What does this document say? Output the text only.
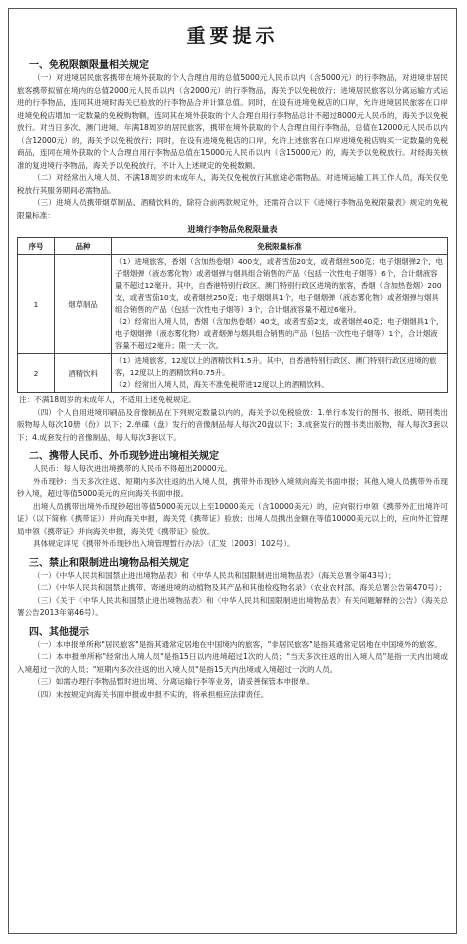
重要提示
一、免税限额限量相关规定

（一）对进境居民旅客携带在境外获取的个人合理自用的总值5000元人民币以内（含5000元）的行李物品，对进境非居民旅客携带拟留在境内的总值2000元人民币以内（含2000元）的行李物品，海关予以免税放行；进境居民旅客以分离运输方式运进的行李物品，连同其进境时海关已验放的行李物品合并计算总值。同时，在设有进境免税店的口岸，允许进境居民旅客在口岸进境免税店增加一定数量的免税购物额，连同其在境外获取的个人合理自用行李物品总计不超过8000元人民币的，海关予以免税放行。对当日多次、澳门进境、年满18周岁的居民旅客，携带在境外获取的个人合理自用行李物品，总值在12000元人民币以内（含12000元）的，海关予以免税放行；同时，在设有进境免税店的口岸，允许上述旅客在口岸进境免税店购买一定数量的免税商品，连同在境外获取的个人合理自用行李物品总值在15000元人民币以内（含15000元）的，海关予以免税放行。对经海关核准的复进境行李物品，海关予以免税放行，不计入上述规定的免税数额。

（二）对经常出入境人员、不满18周岁的未成年人，海关仅免税放行其旅途必需物品。对进境运输工具工作人员，海关仅免税放行其服务期间必需物品。

（三）进境人员携带烟草制品、酒精饮料的，除符合前两款规定外，还需符合以下《进境行李物品免税限量表》规定的免税限量标准：

进境行李物品免税限量表
序号	品种	免税限量标准
1	烟草制品	（1）进境旅客，香烟（含加热卷烟）400支，或者雪茄20支，或者烟丝500克；电子烟烟弹2个，电子烟烟弹（液态雾化物）或者烟弹与烟具组合销售的产品（包括一次性电子烟等）6个，合计烟液容量不超过12毫升。其中，自香港特别行政区、澳门特别行政区进境的旅客，香烟（含加热卷烟）200支，或者雪茄10支，或者烟丝250克；电子烟烟具1个，电子烟烟弹（液态雾化物）或者烟弹与烟具组合销售的产品（包括一次性电子烟等）3个，合计烟液容量不超过6毫升。

（2）经常出入境人员，香烟（含加热卷烟）40支，或者雪茄2支，或者烟丝40克；电子烟烟具1个，电子烟烟弹（液态雾化物）或者烟弹与烟具组合销售的产品（包括一次性电子烟等）1个，合计烟液容量不超过2毫升；限一天一次。

2	酒精饮料	（1）进境旅客，12度以上的酒精饮料1.5升。其中，自香港特别行政区、澳门特别行政区进境的旅客，12度以上的酒精饮料0.75升。

（2）经常出入境人员，海关不准免税带进12度以上的酒精饮料。

注：不满18周岁的未成年人，不适用上述免税规定。

（四）个人自用进境印刷品及音像制品在下列规定数量以内的，海关予以免税验放：1.单行本发行的图书、报纸、期刊类出版物每人每次10册（份）以下；2.单碟（盘）发行的音像制品每人每次20盘以下；3.成套发行的图书类出版物，每人每次3套以下；4.成套发行的音像制品，每人每次3套以下。

二、携带人民币、外币现钞进出境相关规定

人民币：每人每次进出境携带的人民币不得超出20000元。

外币现钞：当天多次往返、短期内多次往返的出入境人员，携带外币现钞入境须向海关书面申报；其他入境人员携带外币现钞入境，超过等值5000美元的应向海关书面申报。

出境人员携带出境外币现钞超出等值5000美元以上至10000美元（含10000美元）的，应向银行申领《携带外汇出境许可证》（以下简称《携带证》）并向海关申报，海关凭《携带证》验放；出境人员携出金额在等值10000美元以上的，应向外汇管理局申领《携带证》并向海关申报，海关凭《携带证》验放。

具体规定详见《携带外币现钞出入境管理暂行办法》（汇发〔2003〕102号）。

三、禁止和限制进出境物品相关规定

（一）《中华人民共和国禁止进出境物品表》和《中华人民共和国限制进出境物品表》（海关总署令第43号）；

（二）《中华人民共和国禁止携带、寄递进境的动植物及其产品和其他检疫物名录》（农业农村部、海关总署公告第470号）；

（三）《关于〈中华人民共和国禁止进出境物品表〉和〈中华人民共和国限制进出境物品表〉有关问题解释的公告》（海关总署公告2013年第46号）。

四、其他提示

（一）本申报单所称"居民旅客"是指其通常定居地在中国境内的旅客，"非居民旅客"是指其通常定居地在中国境外的旅客。

（二）本申报单所称"经常出入境人员"是指15日以内进境超过1次的人员；"当天多次往返的出入境人员"是指一天内出境或入境超过一次的人员；"短期内多次往返的出入境人员"是指15天内出境或入境超过一次的人员。

（三）如需办理行李物品暂时进出境、分离运输行李等业务，请妥善保管本申报单。

（四）未按规定向海关书面申报或申报不实的，将承担相应法律责任。
